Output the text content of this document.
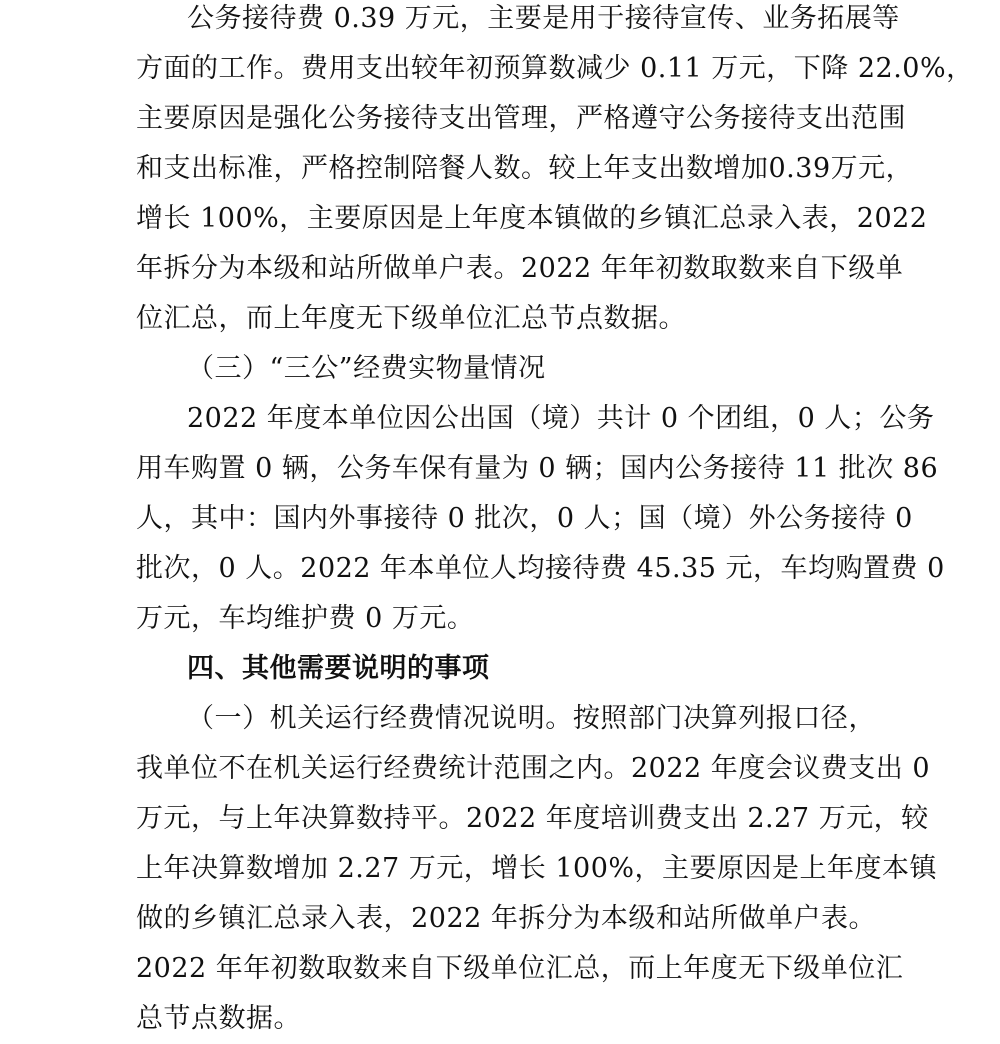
公务接待费 0.39 万元，主要是用于接待宣传、业务拓展等
方面的工作。费用支出较年初预算数减少 0.11 万元，下降 22.0%，
主要原因是强化公务接待支出管理，严格遵守公务接待支出范围
和支出标准，严格控制陪餐人数。较上年支出数增加0.39万元，
增长 100%，主要原因是上年度本镇做的乡镇汇总录入表，2022
年拆分为本级和站所做单户表。2022 年年初数取数来自下级单
位汇总，而上年度无下级单位汇总节点数据。
（三）“三公”经费实物量情况
2022 年度本单位因公出国（境）共计 0 个团组，0 人；公务
用车购置 0 辆，公务车保有量为 0 辆；国内公务接待 11 批次 86
人，其中：国内外事接待 0 批次，0 人；国（境）外公务接待 0
批次，0 人。2022 年本单位人均接待费 45.35 元，车均购置费 0
万元，车均维护费 0 万元。
四、其他需要说明的事项
（一）机关运行经费情况说明。按照部门决算列报口径，
我单位不在机关运行经费统计范围之内。2022 年度会议费支出 0
万元，与上年决算数持平。2022 年度培训费支出 2.27 万元，较
上年决算数增加 2.27 万元，增长 100%，主要原因是上年度本镇
做的乡镇汇总录入表，2022 年拆分为本级和站所做单户表。
2022 年年初数取数来自下级单位汇总，而上年度无下级单位汇
总节点数据。
